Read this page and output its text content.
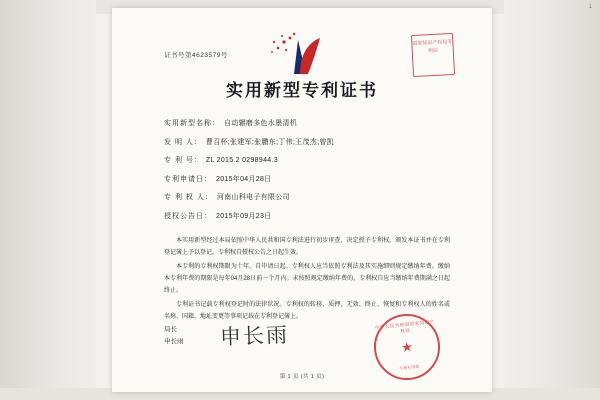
1
证书号第4623579号
国家知识产权局专利局
实用新型专利证书
实用新型名称： 自动辗磨多色水墨清机
发 明 人： 曹召杯;张建军;张鹏东;丁伟;王茂杰;曾凯
专 利 号： ZL 2015 2 0298944.3
专利申请日： 2015年04月28日
专 利 权 人： 河南山科电子有限公司
授权公告日： 2015年09月23日
本实用新型经过本局依照中华人民共和国专利法进行初步审查，决定授予专利权，颁发本证书并在专利登记簿上予以登记。专利权自授权公告之日起生效。
本专利的专利权期限为十年，自申请日起。专利权人应当依照专利法及其实施细则规定缴纳年费。缴纳本专利年费的期限是每年04月28日前一个月内。未按照规定缴纳年费的，专利权自应当缴纳年费期满之日起终止。
专利证书记载专利权登记时的法律状况。专利权的转移、质押、无效、终止、恢复和专利权人的姓名或名称、国籍、地址变更等事项记载在专利登记簿上。
局长
申长雨 申长雨	中华人民共和国国家知识产权局
★
专利专用章
第 1 页 (共 1 页)
